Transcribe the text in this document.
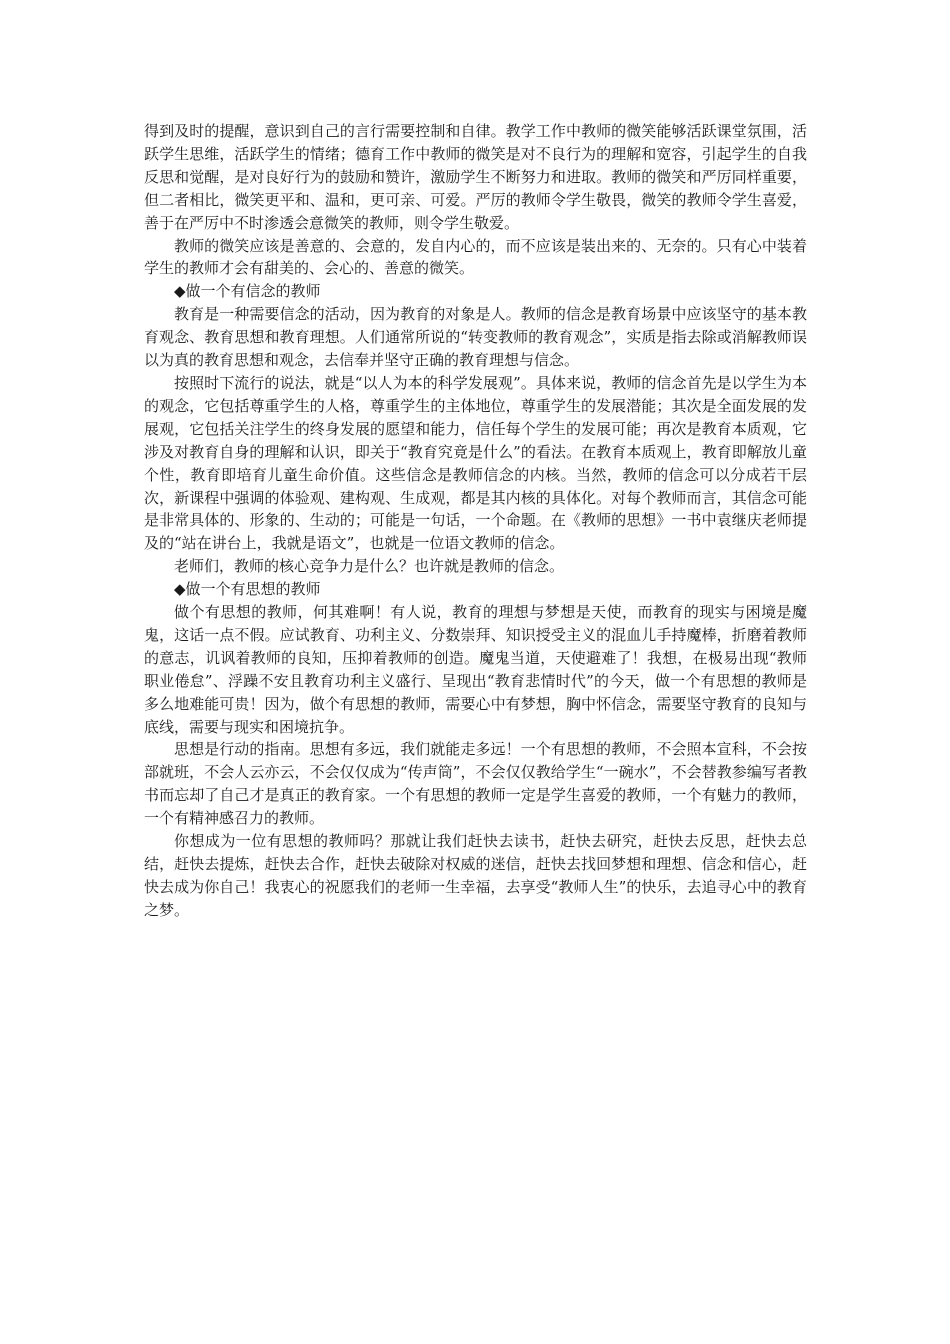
得到及时的提醒，意识到自己的言行需要控制和自律。教学工作中教师的微笑能够活跃课堂氛围，活跃学生思维，活跃学生的情绪；德育工作中教师的微笑是对不良行为的理解和宽容，引起学生的自我反思和觉醒，是对良好行为的鼓励和赞许，激励学生不断努力和进取。教师的微笑和严厉同样重要，但二者相比，微笑更平和、温和，更可亲、可爱。严厉的教师令学生敬畏，微笑的教师令学生喜爱，善于在严厉中不时渗透会意微笑的教师，则令学生敬爱。

教师的微笑应该是善意的、会意的，发自内心的，而不应该是装出来的、无奈的。只有心中装着学生的教师才会有甜美的、会心的、善意的微笑。

◆做一个有信念的教师

教育是一种需要信念的活动，因为教育的对象是人。教师的信念是教育场景中应该坚守的基本教育观念、教育思想和教育理想。人们通常所说的“转变教师的教育观念”，实质是指去除或消解教师误以为真的教育思想和观念，去信奉并坚守正确的教育理想与信念。

按照时下流行的说法，就是“以人为本的科学发展观”。具体来说，教师的信念首先是以学生为本的观念，它包括尊重学生的人格，尊重学生的主体地位，尊重学生的发展潜能；其次是全面发展的发展观，它包括关注学生的终身发展的愿望和能力，信任每个学生的发展可能；再次是教育本质观，它涉及对教育自身的理解和认识，即关于“教育究竟是什么”的看法。在教育本质观上，教育即解放儿童个性，教育即培育儿童生命价值。这些信念是教师信念的内核。当然，教师的信念可以分成若干层次，新课程中强调的体验观、建构观、生成观，都是其内核的具体化。对每个教师而言，其信念可能是非常具体的、形象的、生动的；可能是一句话，一个命题。在《教师的思想》一书中袁继庆老师提及的“站在讲台上，我就是语文”，也就是一位语文教师的信念。

老师们，教师的核心竞争力是什么？也许就是教师的信念。

◆做一个有思想的教师

做个有思想的教师，何其难啊！有人说，教育的理想与梦想是天使，而教育的现实与困境是魔鬼，这话一点不假。应试教育、功利主义、分数崇拜、知识授受主义的混血儿手持魔棒，折磨着教师的意志，讥讽着教师的良知，压抑着教师的创造。魔鬼当道，天使避难了！我想，在极易出现“教师职业倦怠”、浮躁不安且教育功利主义盛行、呈现出“教育悲情时代”的今天，做一个有思想的教师是多么地难能可贵！因为，做个有思想的教师，需要心中有梦想，胸中怀信念，需要坚守教育的良知与底线，需要与现实和困境抗争。

思想是行动的指南。思想有多远，我们就能走多远！一个有思想的教师，不会照本宣科，不会按部就班，不会人云亦云，不会仅仅成为“传声筒”，不会仅仅教给学生“一碗水”，不会替教参编写者教书而忘却了自己才是真正的教育家。一个有思想的教师一定是学生喜爱的教师，一个有魅力的教师，一个有精神感召力的教师。

你想成为一位有思想的教师吗？那就让我们赶快去读书，赶快去研究，赶快去反思，赶快去总结，赶快去提炼，赶快去合作，赶快去破除对权威的迷信，赶快去找回梦想和理想、信念和信心，赶快去成为你自己！我衷心的祝愿我们的老师一生幸福，去享受“教师人生”的快乐，去追寻心中的教育之梦。
